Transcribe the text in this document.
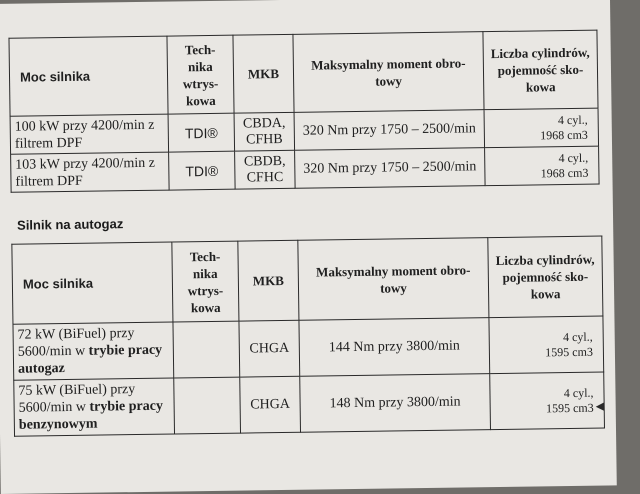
Moc silnika	Tech-
nika
wtrys-
kowa	MKB	Maksymalny moment obro-
towy	Liczba cylindrów,
pojemność sko-
kowa
100 kW przy 4200/min z
filtrem DPF	TDI®	CBDA,
CFHB	320 Nm przy 1750 – 2500/min	4 cyl.,
1968 cm3
103 kW przy 4200/min z
filtrem DPF	TDI®	CBDB,
CFHC	320 Nm przy 1750 – 2500/min	4 cyl.,
1968 cm3
Silnik na autogaz
Moc silnika	Tech-
nika
wtrys-
kowa	MKB	Maksymalny moment obro-
towy	Liczba cylindrów,
pojemność sko-
kowa
72 kW (BiFuel) przy
5600/min w trybie pracy
autogaz		CHGA	144 Nm przy 3800/min	4 cyl.,
1595 cm3
75 kW (BiFuel) przy
5600/min w trybie pracy
benzynowym		CHGA	148 Nm przy 3800/min	4 cyl.,
1595 cm3 ◀
